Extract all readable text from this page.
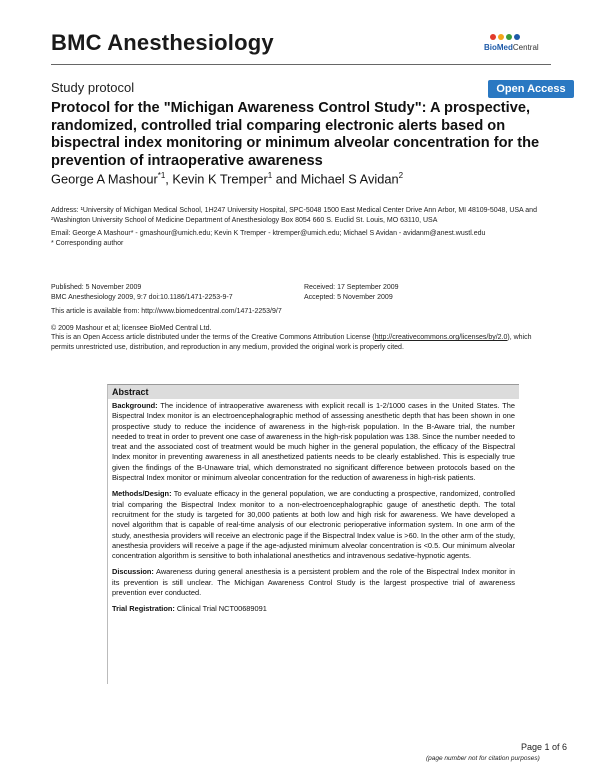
BMC Anesthesiology	BioMedCentral
Study protocol	Open Access
Protocol for the "Michigan Awareness Control Study": A prospective, randomized, controlled trial comparing electronic alerts based on bispectral index monitoring or minimum alveolar concentration for the prevention of intraoperative awareness
George A Mashour$^{*1}$, Kevin K Tremper$^1$ and Michael S Avidan$^2$
Address: ¹University of Michigan Medical School, 1H247 University Hospital, SPC-5048 1500 East Medical Center Drive Ann Arbor, MI 48109-5048, USA and ²Washington University School of Medicine Department of Anesthesiology Box 8054 660 S. Euclid St. Louis, MO 63110, USA
Email: George A Mashour* - gmashour@umich.edu; Kevin K Tremper - ktremper@umich.edu; Michael S Avidan - avidanm@anest.wustl.edu
* Corresponding author
Published: 5 November 2009
BMC Anesthesiology 2009, 9:7 doi:10.1186/1471-2253-9-7
Received: 17 September 2009
Accepted: 5 November 2009
This article is available from: http://www.biomedcentral.com/1471-2253/9/7
© 2009 Mashour et al; licensee BioMed Central Ltd.
This is an Open Access article distributed under the terms of the Creative Commons Attribution License (http://creativecommons.org/licenses/by/2.0), which permits unrestricted use, distribution, and reproduction in any medium, provided the original work is properly cited.
Abstract

Background: The incidence of intraoperative awareness with explicit recall is 1-2/1000 cases in the United States. The Bispectral Index monitor is an electroencephalographic method of assessing anesthetic depth that has been shown in one prospective study to reduce the incidence of awareness in the high-risk population. In the B-Aware trial, the number needed to treat in order to prevent one case of awareness in the high-risk population was 138. Since the number needed to treat and the associated cost of treatment would be much higher in the general population, the efficacy of the Bispectral Index monitor in preventing awareness in all anesthetized patients needs to be clearly established. This is especially true given the findings of the B-Unaware trial, which demonstrated no significant difference between protocols based on the Bispectral Index monitor or minimum alveolar concentration for the reduction of awareness in high-risk patients.

Methods/Design: To evaluate efficacy in the general population, we are conducting a prospective, randomized, controlled trial comparing the Bispectral Index monitor to a non-electroencephalographic gauge of anesthetic depth. The total recruitment for the study is targeted for 30,000 patients at both low and high risk for awareness. We have developed a novel algorithm that is capable of real-time analysis of our electronic perioperative information system. In one arm of the study, anesthesia providers will receive an electronic page if the Bispectral Index value is >60. In the other arm of the study, anesthesia providers will receive a page if the age-adjusted minimum alveolar concentration is <0.5. Our minimum alveolar concentration algorithm is sensitive to both inhalational anesthetics and intravenous sedative-hypnotic agents.

Discussion: Awareness during general anesthesia is a persistent problem and the role of the Bispectral Index monitor in its prevention is still unclear. The Michigan Awareness Control Study is the largest prospective trial of awareness prevention ever conducted.

Trial Registration: Clinical Trial NCT00689091

Page 1 of 6
(page number not for citation purposes)
